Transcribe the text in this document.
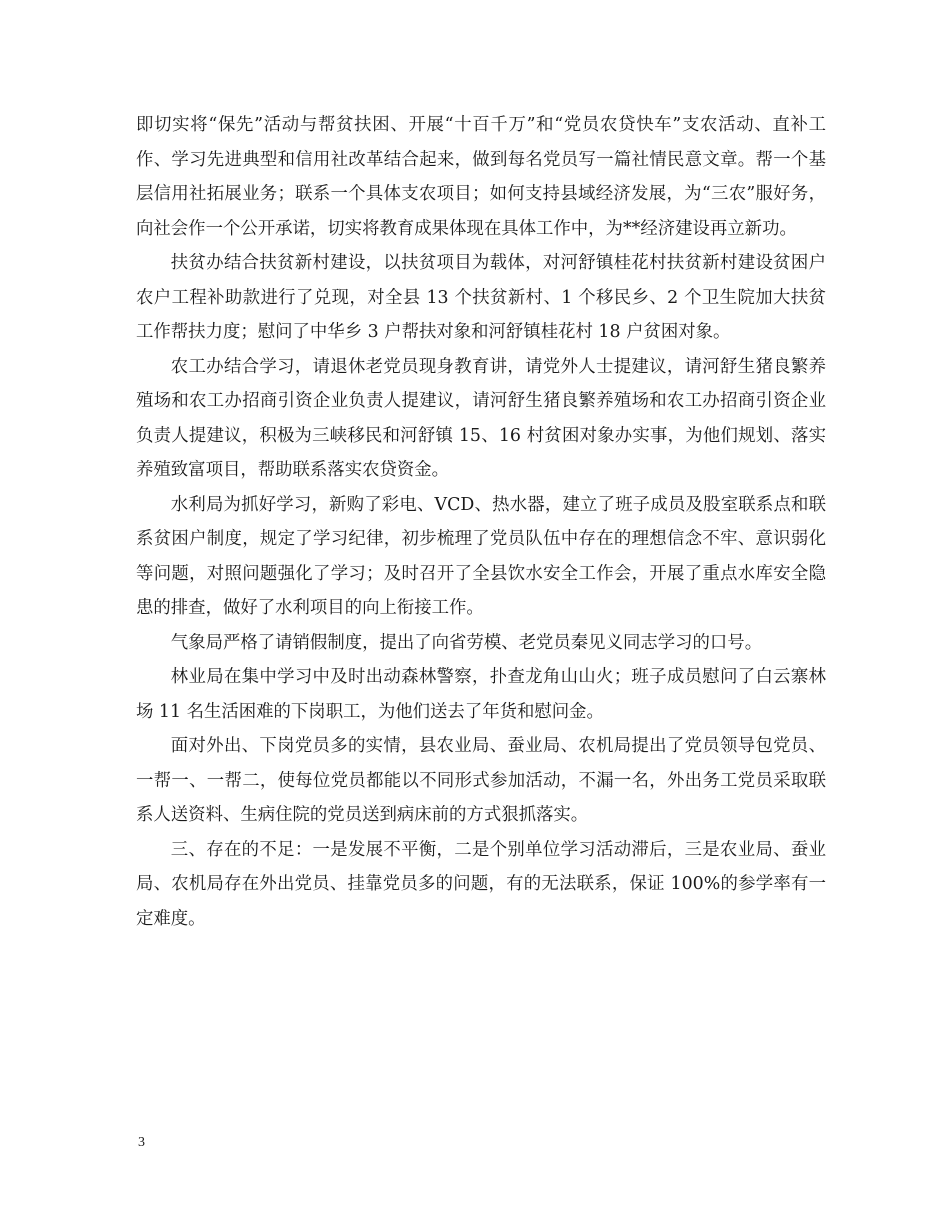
即切实将“保先”活动与帮贫扶困、开展“十百千万”和“党员农贷快车”支农活动、直补工作、学习先进典型和信用社改革结合起来，做到每名党员写一篇社情民意文章。帮一个基层信用社拓展业务；联系一个具体支农项目；如何支持县域经济发展，为“三农”服好务，向社会作一个公开承诺，切实将教育成果体现在具体工作中，为**经济建设再立新功。

扶贫办结合扶贫新村建设，以扶贫项目为载体，对河舒镇桂花村扶贫新村建设贫困户农户工程补助款进行了兑现，对全县 13 个扶贫新村、1 个移民乡、2 个卫生院加大扶贫工作帮扶力度；慰问了中华乡 3 户帮扶对象和河舒镇桂花村 18 户贫困对象。

农工办结合学习，请退休老党员现身教育讲，请党外人士提建议，请河舒生猪良繁养殖场和农工办招商引资企业负责人提建议，请河舒生猪良繁养殖场和农工办招商引资企业负责人提建议，积极为三峡移民和河舒镇 15、16 村贫困对象办实事，为他们规划、落实养殖致富项目，帮助联系落实农贷资金。

水利局为抓好学习，新购了彩电、VCD、热水器，建立了班子成员及股室联系点和联系贫困户制度，规定了学习纪律，初步梳理了党员队伍中存在的理想信念不牢、意识弱化等问题，对照问题强化了学习；及时召开了全县饮水安全工作会，开展了重点水库安全隐患的排查，做好了水利项目的向上衔接工作。

气象局严格了请销假制度，提出了向省劳模、老党员秦见义同志学习的口号。

林业局在集中学习中及时出动森林警察，扑查龙角山山火；班子成员慰问了白云寨林场 11 名生活困难的下岗职工，为他们送去了年货和慰问金。

面对外出、下岗党员多的实情，县农业局、蚕业局、农机局提出了党员领导包党员、一帮一、一帮二，使每位党员都能以不同形式参加活动，不漏一名，外出务工党员采取联系人送资料、生病住院的党员送到病床前的方式狠抓落实。

三、存在的不足：一是发展不平衡，二是个别单位学习活动滞后，三是农业局、蚕业局、农机局存在外出党员、挂靠党员多的问题，有的无法联系，保证 100%的参学率有一定难度。

3
